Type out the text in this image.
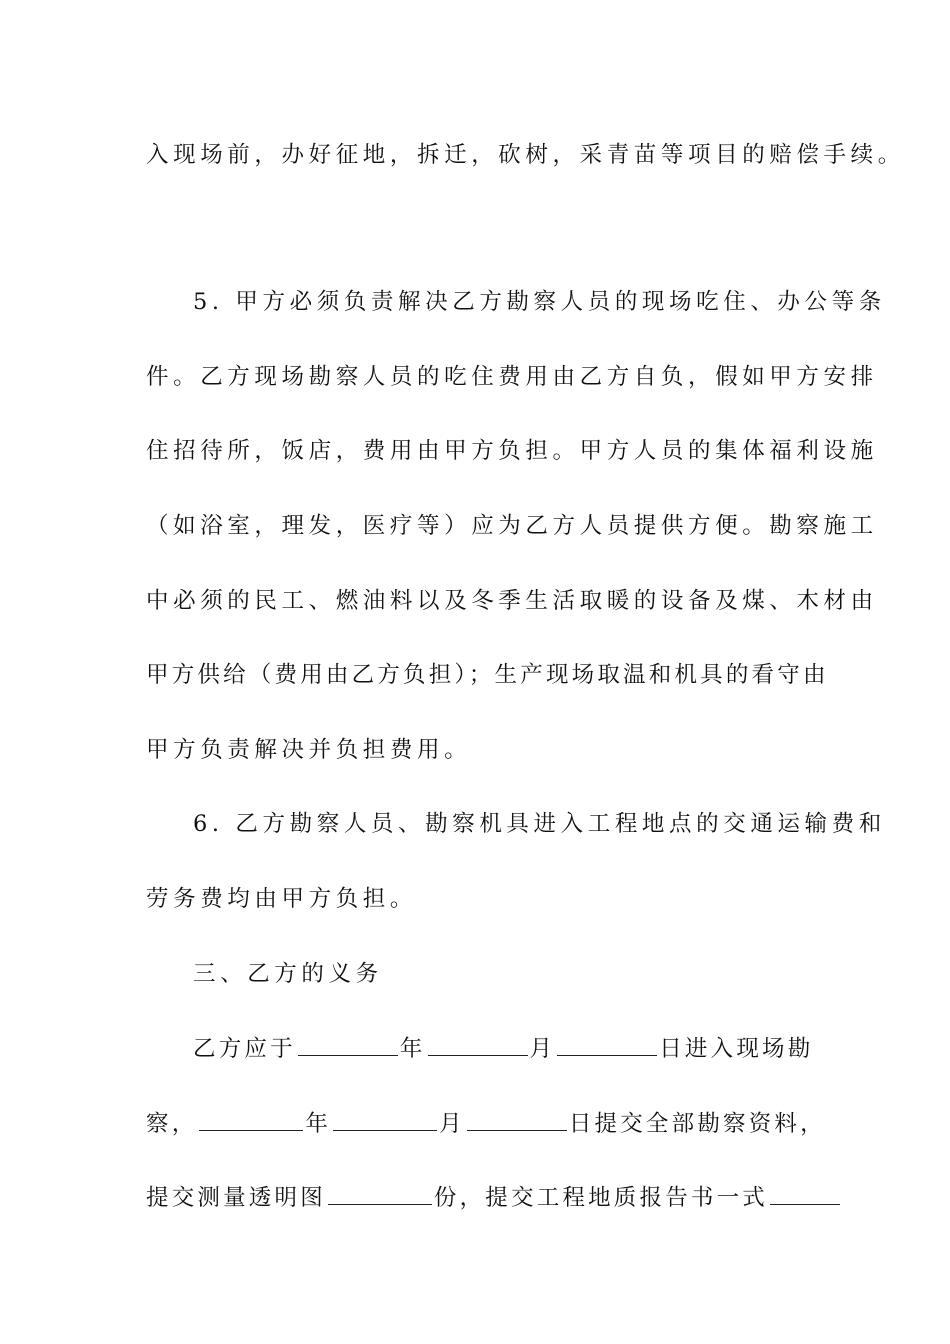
入现场前，办好征地，拆迁，砍树，采青苗等项目的赔偿手续。
5. 甲方必须负责解决乙方勘察人员的现场吃住、办公等条
件。乙方现场勘察人员的吃住费用由乙方自负，假如甲方安排
住招待所，饭店，费用由甲方负担。甲方人员的集体福利设施
（如浴室，理发，医疗等）应为乙方人员提供方便。勘察施工
中必须的民工、燃油料以及冬季生活取暖的设备及煤、木材由
甲方供给（费用由乙方负担）；生产现场取温和机具的看守由
甲方负责解决并负担费用。
6. 乙方勘察人员、勘察机具进入工程地点的交通运输费和
劳务费均由甲方负担。
三、乙方的义务
乙方应于	年	月	日进入现场勘
察，	年	月	日提交全部勘察资料，
提交测量透明图	份，提交工程地质报告书一式
